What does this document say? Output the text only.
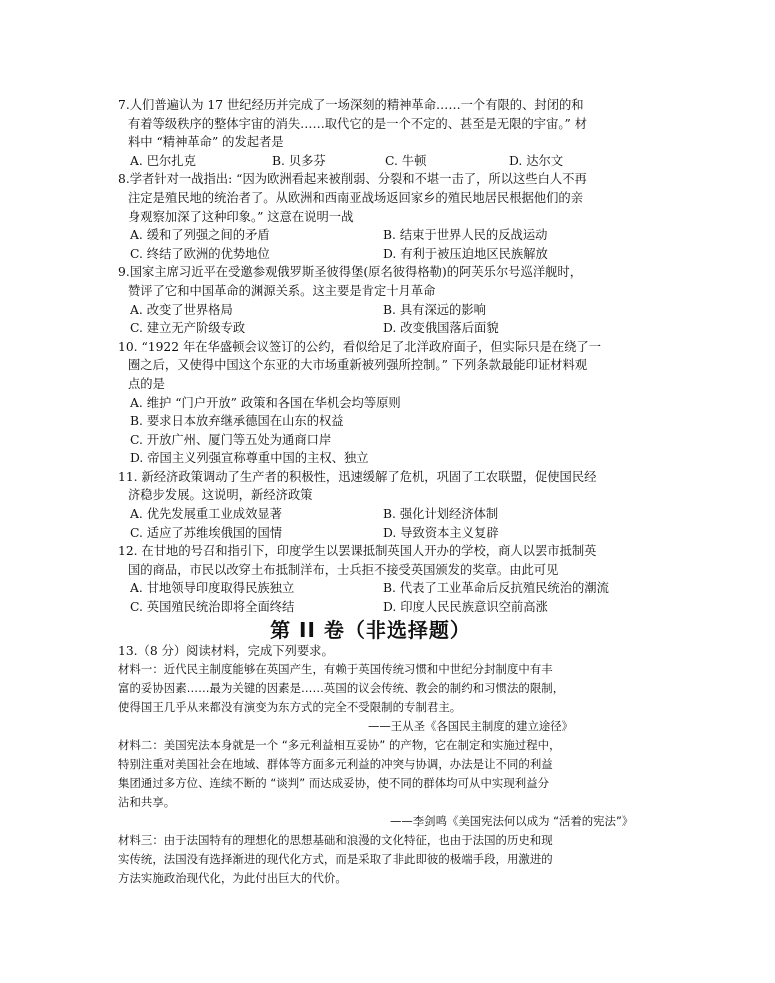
7.人们普遍认为 17 世纪经历并完成了一场深刻的精神革命……一个有限的、封闭的和
有着等级秩序的整体宇宙的消失……取代它的是一个不定的、甚至是无限的宇宙。” 材
料中 “精神革命” 的发起者是
A. 巴尔扎克	B. 贝多芬	C. 牛顿	D. 达尔文
8.学者针对一战指出: “因为欧洲看起来被削弱、分裂和不堪一击了，所以这些白人不再
注定是殖民地的统治者了。从欧洲和西南亚战场返回家乡的殖民地居民根据他们的亲
身观察加深了这种印象。” 这意在说明一战
A. 缓和了列强之间的矛盾	B. 结束于世界人民的反战运动
C. 终结了欧洲的优势地位	D. 有利于被压迫地区民族解放
9.国家主席习近平在受邀参观俄罗斯圣彼得堡(原名彼得格勒)的阿芙乐尔号巡洋舰时，
赞评了它和中国革命的渊源关系。这主要是肯定十月革命
A. 改变了世界格局	B. 具有深远的影响
C. 建立无产阶级专政	D. 改变俄国落后面貌
10. “1922 年在华盛顿会议签订的公约，看似给足了北洋政府面子，但实际只是在绕了一
圈之后，又使得中国这个东亚的大市场重新被列强所控制。” 下列条款最能印证材料观
点的是
A. 维护 “门户开放” 政策和各国在华机会均等原则
B. 要求日本放弃继承德国在山东的权益
C. 开放广州、厦门等五处为通商口岸
D. 帝国主义列强宣称尊重中国的主权、独立
11. 新经济政策调动了生产者的积极性，迅速缓解了危机，巩固了工农联盟，促使国民经
济稳步发展。这说明，新经济政策
A. 优先发展重工业成效显著	B. 强化计划经济体制
C. 适应了苏维埃俄国的国情	D. 导致资本主义复辟
12. 在甘地的号召和指引下，印度学生以罢课抵制英国人开办的学校，商人以罢市抵制英
国的商品，市民以改穿土布抵制洋布，士兵拒不接受英国颁发的奖章。由此可见
A. 甘地领导印度取得民族独立	B. 代表了工业革命后反抗殖民统治的潮流
C. 英国殖民统治即将全面终结	D. 印度人民民族意识空前高涨
第 II 卷（非选择题）
13.（8 分）阅读材料，完成下列要求。
材料一：近代民主制度能够在英国产生，有赖于英国传统习惯和中世纪分封制度中有丰
富的妥协因素……最为关键的因素是……英国的议会传统、教会的制约和习惯法的限制，
使得国王几乎从来都没有演变为东方式的完全不受限制的专制君主。
——王从圣《各国民主制度的建立途径》
材料二：美国宪法本身就是一个 “多元利益相互妥协” 的产物，它在制定和实施过程中，
特别注重对美国社会在地域、群体等方面多元利益的冲突与协调，办法是让不同的利益
集团通过多方位、连续不断的 “谈判” 而达成妥协，使不同的群体均可从中实现利益分
沾和共享。
——李剑鸣《美国宪法何以成为 “活着的宪法”》
材料三：由于法国特有的理想化的思想基础和浪漫的文化特征，也由于法国的历史和现
实传统，法国没有选择渐进的现代化方式，而是采取了非此即彼的极端手段，用激进的
方法实施政治现代化，为此付出巨大的代价。
